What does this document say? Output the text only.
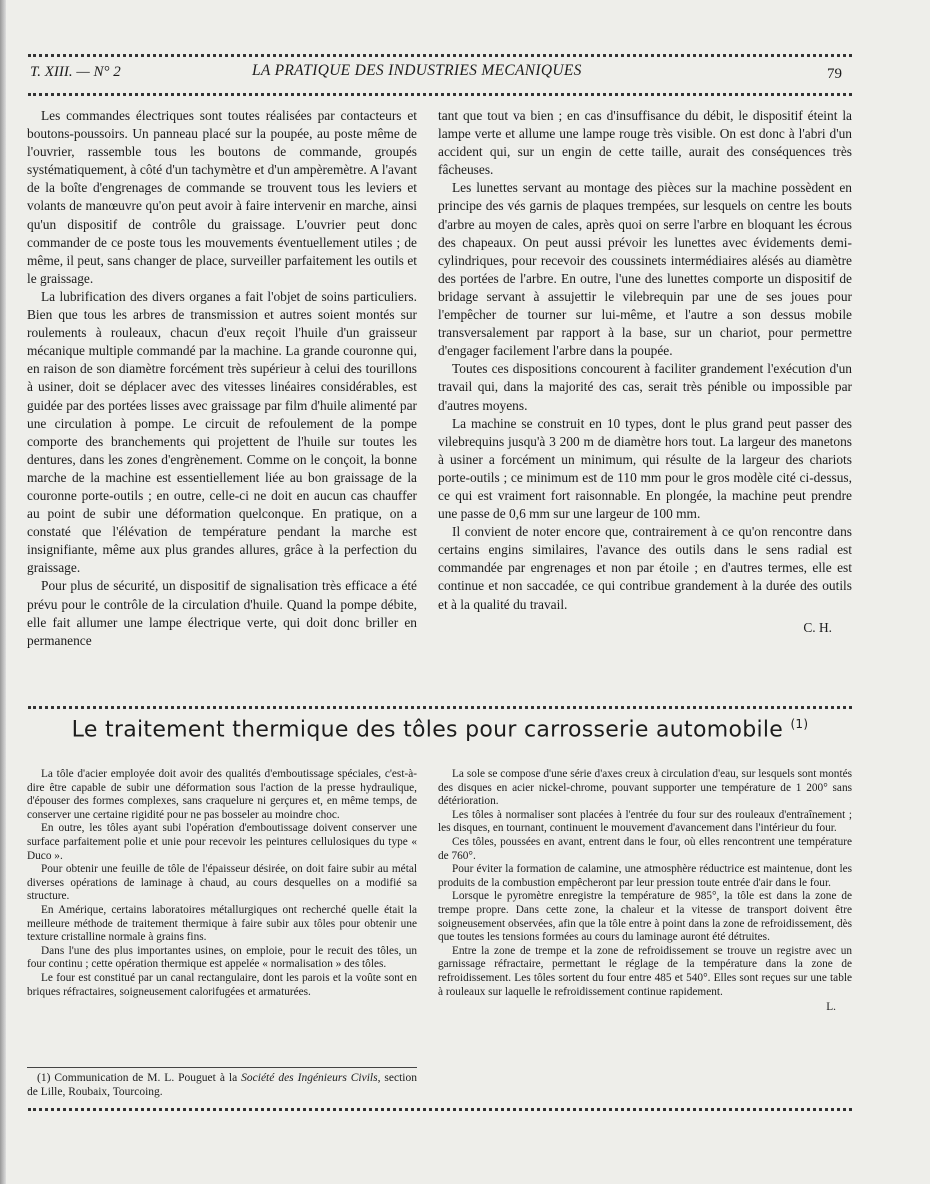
T. XIII. — N° 2	LA PRATIQUE DES INDUSTRIES MECANIQUES	79

Les commandes électriques sont toutes réalisées par contacteurs et boutons-poussoirs. Un panneau placé sur la poupée, au poste même de l'ouvrier, rassemble tous les boutons de commande, groupés systématiquement, à côté d'un tachymètre et d'un ampèremètre. A l'avant de la boîte d'engrenages de commande se trouvent tous les leviers et volants de manœuvre qu'on peut avoir à faire intervenir en marche, ainsi qu'un dispositif de contrôle du graissage. L'ouvrier peut donc commander de ce poste tous les mouvements éventuellement utiles ; de même, il peut, sans changer de place, surveiller parfaitement les outils et le graissage.

La lubrification des divers organes a fait l'objet de soins particuliers. Bien que tous les arbres de transmission et autres soient montés sur roulements à rouleaux, chacun d'eux reçoit l'huile d'un graisseur mécanique multiple commandé par la machine. La grande couronne qui, en raison de son diamètre forcément très supérieur à celui des tourillons à usiner, doit se déplacer avec des vitesses linéaires considérables, est guidée par des portées lisses avec graissage par film d'huile alimenté par une circulation à pompe. Le circuit de refoulement de la pompe comporte des branchements qui projettent de l'huile sur toutes les dentures, dans les zones d'engrènement. Comme on le conçoit, la bonne marche de la machine est essentiellement liée au bon graissage de la couronne porte-outils ; en outre, celle-ci ne doit en aucun cas chauffer au point de subir une déformation quelconque. En pratique, on a constaté que l'élévation de température pendant la marche est insignifiante, même aux plus grandes allures, grâce à la perfection du graissage.

Pour plus de sécurité, un dispositif de signalisation très efficace a été prévu pour le contrôle de la circulation d'huile. Quand la pompe débite, elle fait allumer une lampe électrique verte, qui doit donc briller en permanence

tant que tout va bien ; en cas d'insuffisance du débit, le dispositif éteint la lampe verte et allume une lampe rouge très visible. On est donc à l'abri d'un accident qui, sur un engin de cette taille, aurait des conséquences très fâcheuses.

Les lunettes servant au montage des pièces sur la machine possèdent en principe des vés garnis de plaques trempées, sur lesquels on centre les bouts d'arbre au moyen de cales, après quoi on serre l'arbre en bloquant les écrous des chapeaux. On peut aussi prévoir les lunettes avec évidements demi-cylindriques, pour recevoir des coussinets intermédiaires alésés au diamètre des portées de l'arbre. En outre, l'une des lunettes comporte un dispositif de bridage servant à assujettir le vilebrequin par une de ses joues pour l'empêcher de tourner sur lui-même, et l'autre a son dessus mobile transversalement par rapport à la base, sur un chariot, pour permettre d'engager facilement l'arbre dans la poupée.

Toutes ces dispositions concourent à faciliter grandement l'exécution d'un travail qui, dans la majorité des cas, serait très pénible ou impossible par d'autres moyens.

La machine se construit en 10 types, dont le plus grand peut passer des vilebrequins jusqu'à 3 200 m de diamètre hors tout. La largeur des manetons à usiner a forcément un minimum, qui résulte de la largeur des chariots porte-outils ; ce minimum est de 110 mm pour le gros modèle cité ci-dessus, ce qui est vraiment fort raisonnable. En plongée, la machine peut prendre une passe de 0,6 mm sur une largeur de 100 mm.

Il convient de noter encore que, contrairement à ce qu'on rencontre dans certains engins similaires, l'avance des outils dans le sens radial est commandée par engrenages et non par étoile ; en d'autres termes, elle est continue et non saccadée, ce qui contribue grandement à la durée des outils et à la qualité du travail.

C. H.
Le traitement thermique des tôles pour carrosserie automobile $^{(1)}$

La tôle d'acier employée doit avoir des qualités d'emboutissage spéciales, c'est-à-dire être capable de subir une déformation sous l'action de la presse hydraulique, d'épouser des formes complexes, sans craquelure ni gerçures et, en même temps, de conserver une certaine rigidité pour ne pas bosseler au moindre choc.

En outre, les tôles ayant subi l'opération d'emboutissage doivent conserver une surface parfaitement polie et unie pour recevoir les peintures cellulosiques du type « Duco ».

Pour obtenir une feuille de tôle de l'épaisseur désirée, on doit faire subir au métal diverses opérations de laminage à chaud, au cours desquelles on a modifié sa structure.

En Amérique, certains laboratoires métallurgiques ont recherché quelle était la meilleure méthode de traitement thermique à faire subir aux tôles pour obtenir une texture cristalline normale à grains fins.

Dans l'une des plus importantes usines, on emploie, pour le recuit des tôles, un four continu ; cette opération thermique est appelée « normalisation » des tôles.

Le four est constitué par un canal rectangulaire, dont les parois et la voûte sont en briques réfractaires, soigneusement calorifugées et armaturées.

(1) Communication de M. L. Pouguet à la Société des Ingénieurs Civils, section de Lille, Roubaix, Tourcoing.

La sole se compose d'une série d'axes creux à circulation d'eau, sur lesquels sont montés des disques en acier nickel-chrome, pouvant supporter une température de 1 200° sans détérioration.

Les tôles à normaliser sont placées à l'entrée du four sur des rouleaux d'entraînement ; les disques, en tournant, continuent le mouvement d'avancement dans l'intérieur du four.

Ces tôles, poussées en avant, entrent dans le four, où elles rencontrent une température de 760°.

Pour éviter la formation de calamine, une atmosphère réductrice est maintenue, dont les produits de la combustion empêcheront par leur pression toute entrée d'air dans le four.

Lorsque le pyromètre enregistre la température de 985°, la tôle est dans la zone de trempe propre. Dans cette zone, la chaleur et la vitesse de transport doivent être soigneusement observées, afin que la tôle entre à point dans la zone de refroidissement, dès que toutes les tensions formées au cours du laminage auront été détruites.

Entre la zone de trempe et la zone de refroidissement se trouve un registre avec un garnissage réfractaire, permettant le réglage de la température dans la zone de refroidissement. Les tôles sortent du four entre 485 et 540°. Elles sont reçues sur une table à rouleaux sur laquelle le refroidissement continue rapidement.

L.
